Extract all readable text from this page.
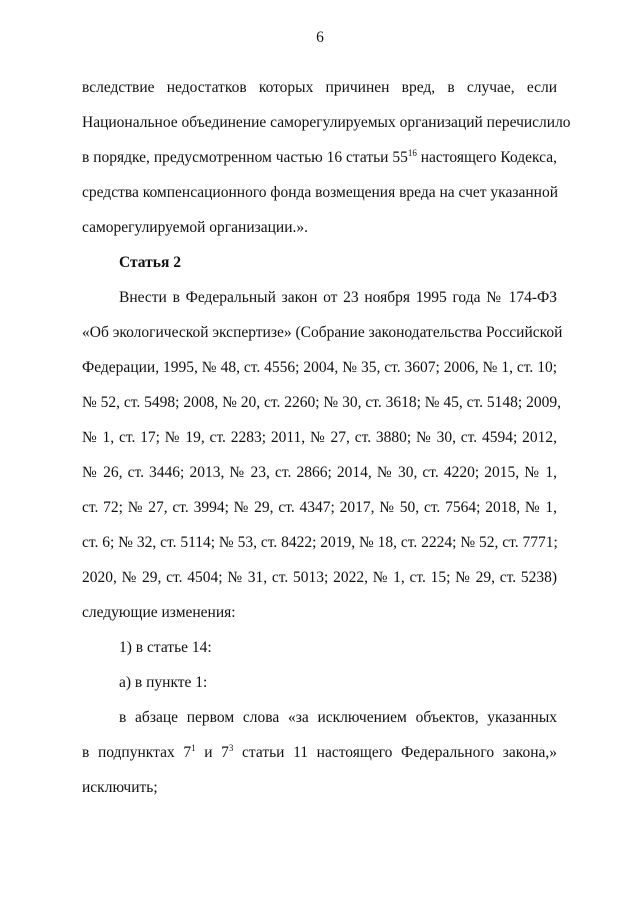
6
вследствие недостатков которых причинен вред, в случае, если
Национальное объединение саморегулируемых организаций перечислило
в порядке, предусмотренном частью 16 статьи $55^{16}$ настоящего Кодекса,
средства компенсационного фонда возмещения вреда на счет указанной
саморегулируемой организации.».
Статья 2
Внести в Федеральный закон от 23 ноября 1995 года № 174-ФЗ
«Об экологической экспертизе» (Собрание законодательства Российской
Федерации, 1995, № 48, ст. 4556; 2004, № 35, ст. 3607; 2006, № 1, ст. 10;
№ 52, ст. 5498; 2008, № 20, ст. 2260; № 30, ст. 3618; № 45, ст. 5148; 2009,
№ 1, ст. 17; № 19, ст. 2283; 2011, № 27, ст. 3880; № 30, ст. 4594; 2012,
№ 26, ст. 3446; 2013, № 23, ст. 2866; 2014, № 30, ст. 4220; 2015, № 1,
ст. 72; № 27, ст. 3994; № 29, ст. 4347; 2017, № 50, ст. 7564; 2018, № 1,
ст. 6; № 32, ст. 5114; № 53, ст. 8422; 2019, № 18, ст. 2224; № 52, ст. 7771;
2020, № 29, ст. 4504; № 31, ст. 5013; 2022, № 1, ст. 15; № 29, ст. 5238)
следующие изменения:
1) в статье 14:
а) в пункте 1:
в абзаце первом слова «за исключением объектов, указанных
в подпунктах $7^1$ и $7^3$ статьи 11 настоящего Федерального закона,»
исключить;
